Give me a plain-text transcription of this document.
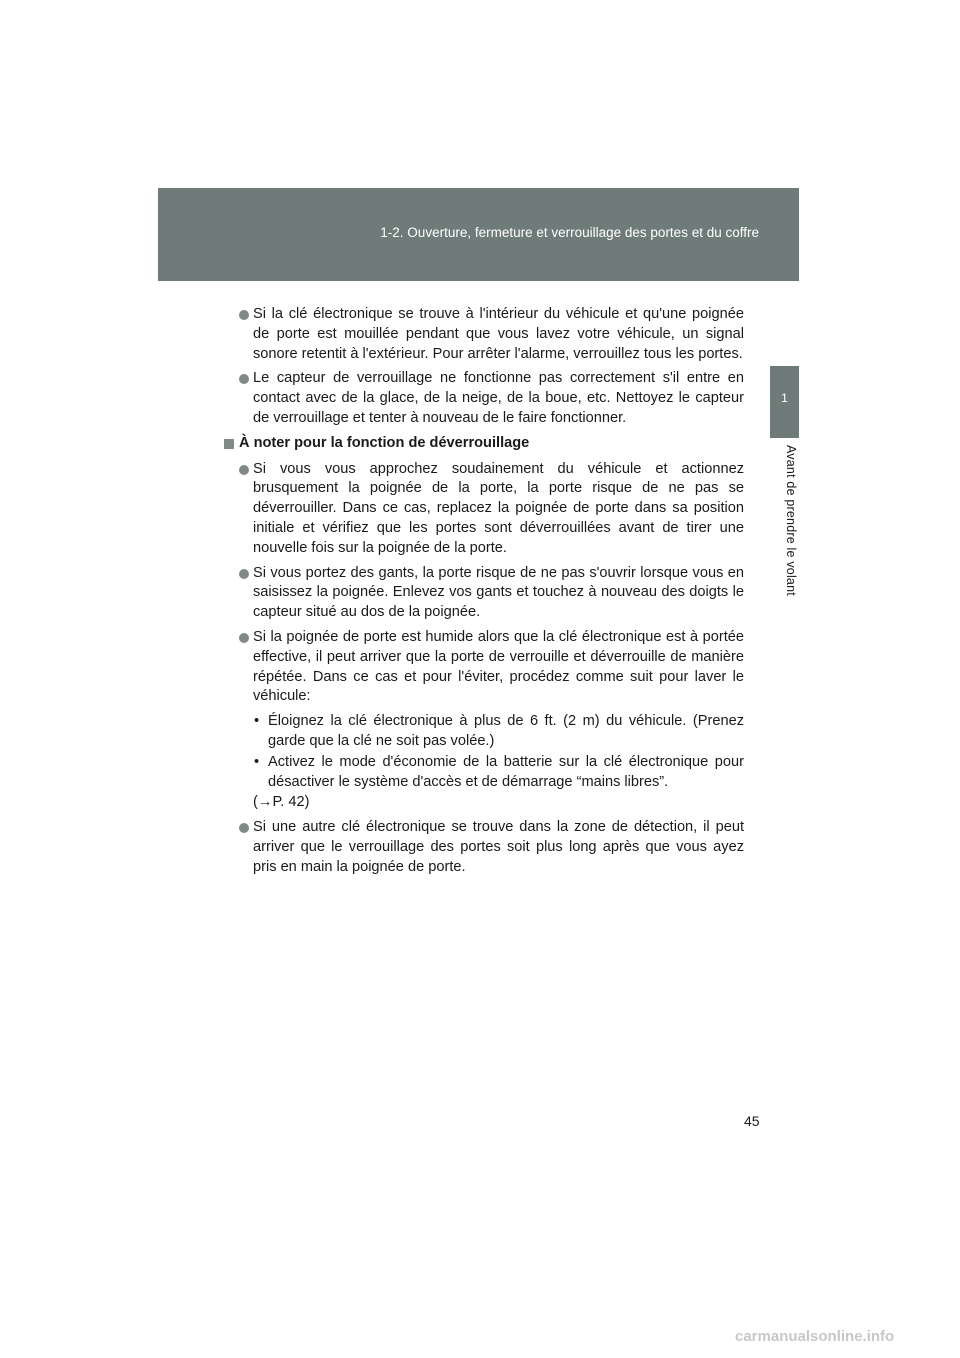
1-2. Ouverture, fermeture et verrouillage des portes et du coffre
1
Avant de prendre le volant
Si la clé électronique se trouve à l'intérieur du véhicule et qu'une poignée de porte est mouillée pendant que vous lavez votre véhicule, un signal sonore retentit à l'extérieur. Pour arrêter l'alarme, verrouillez tous les portes.
Le capteur de verrouillage ne fonctionne pas correctement s'il entre en contact avec de la glace, de la neige, de la boue, etc. Nettoyez le capteur de verrouillage et tenter à nouveau de le faire fonctionner.
À noter pour la fonction de déverrouillage
Si vous vous approchez soudainement du véhicule et actionnez brusquement la poignée de la porte, la porte risque de ne pas se déverrouiller. Dans ce cas, replacez la poignée de porte dans sa position initiale et vérifiez que les portes sont déverrouillées avant de tirer une nouvelle fois sur la poignée de la porte.
Si vous portez des gants, la porte risque de ne pas s'ouvrir lorsque vous en saisissez la poignée. Enlevez vos gants et touchez à nouveau des doigts le capteur situé au dos de la poignée.
Si la poignée de porte est humide alors que la clé électronique est à portée effective, il peut arriver que la porte de verrouille et déverrouille de manière répétée. Dans ce cas et pour l'éviter, procédez comme suit pour laver le véhicule:
• Éloignez la clé électronique à plus de 6 ft. (2 m) du véhicule. (Prenez garde que la clé ne soit pas volée.)
• Activez le mode d'économie de la batterie sur la clé électronique pour désactiver le système d'accès et de démarrage “mains libres”.
(→P. 42)
Si une autre clé électronique se trouve dans la zone de détection, il peut arriver que le verrouillage des portes soit plus long après que vous ayez pris en main la poignée de porte.
45
carmanualsonline.info
